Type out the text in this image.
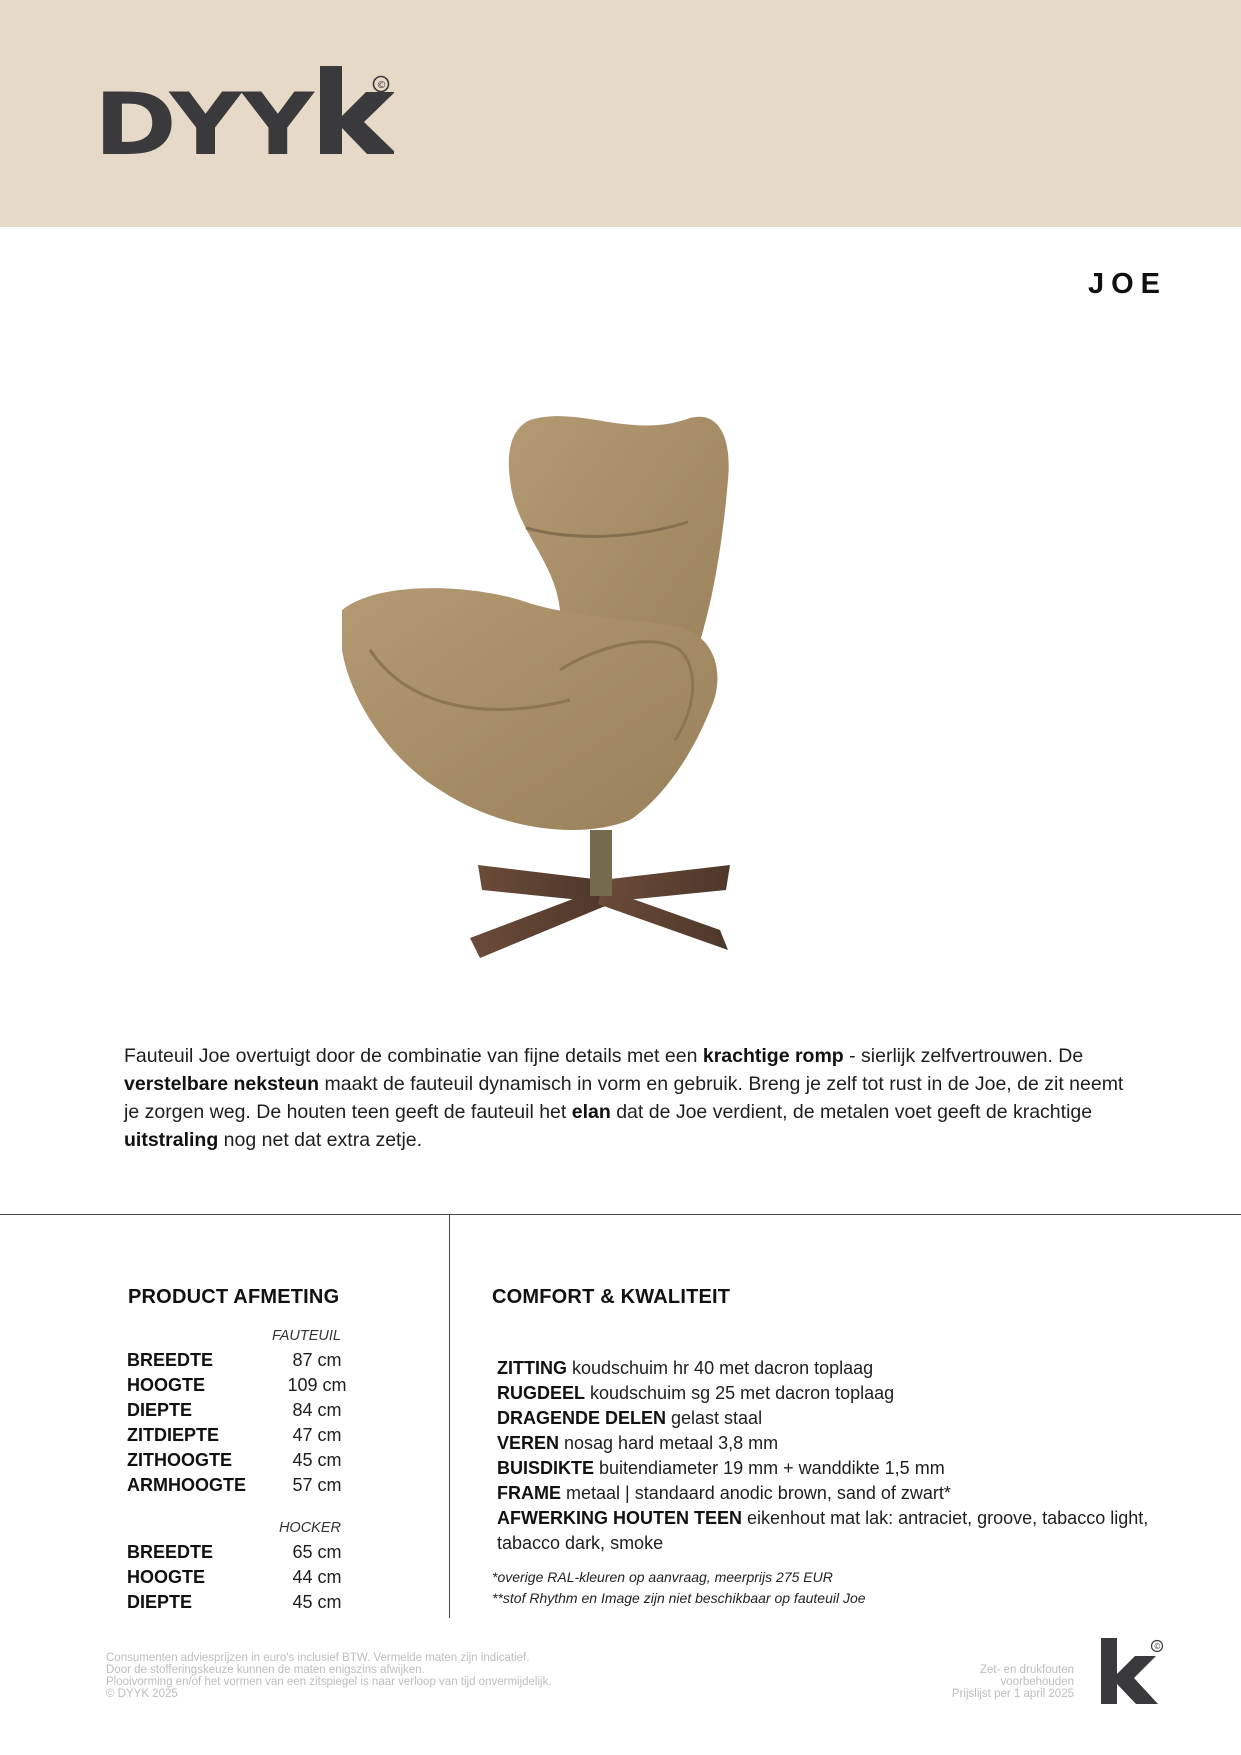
DYY	©
JOE
Fauteuil Joe overtuigt door de combinatie van fijne details met een krachtige romp - sierlijk zelfvertrouwen. De verstelbare neksteun maakt de fauteuil dynamisch in vorm en gebruik. Breng je zelf tot rust in de Joe, de zit neemt je zorgen weg. De houten teen geeft de fauteuil het elan dat de Joe verdient, de metalen voet geeft de krachtige uitstraling nog net dat extra zetje.
PRODUCT AFMETING
FAUTEUIL
BREEDTE	87 cm
HOOGTE	109 cm
DIEPTE	84 cm
ZITDIEPTE	47 cm
ZITHOOGTE	45 cm
ARMHOOGTE	57 cm
HOCKER
BREEDTE	65 cm
HOOGTE	44 cm
DIEPTE	45 cm
COMFORT & KWALITEIT
ZITTING koudschuim hr 40 met dacron toplaag
RUGDEEL koudschuim sg 25 met dacron toplaag
DRAGENDE DELEN gelast staal
VEREN nosag hard metaal 3,8 mm
BUISDIKTE buitendiameter 19 mm + wanddikte 1,5 mm
FRAME metaal | standaard anodic brown, sand of zwart*
AFWERKING HOUTEN TEEN eikenhout mat lak: antraciet, groove, tabacco light, tabacco dark, smoke
*overige RAL-kleuren op aanvraag, meerprijs 275 EUR
**stof Rhythm en Image zijn niet beschikbaar op fauteuil Joe
Consumenten adviesprijzen in euro's inclusief BTW. Vermelde maten zijn indicatief.
Door de stofferingskeuze kunnen de maten enigszins afwijken.
Plooivorming en/of het vormen van een zitspiegel is naar verloop van tijd onvermijdelijk.
© DYYK 2025
Zet- en drukfouten
voorbehouden
Prijslijst per 1 april 2025
©
